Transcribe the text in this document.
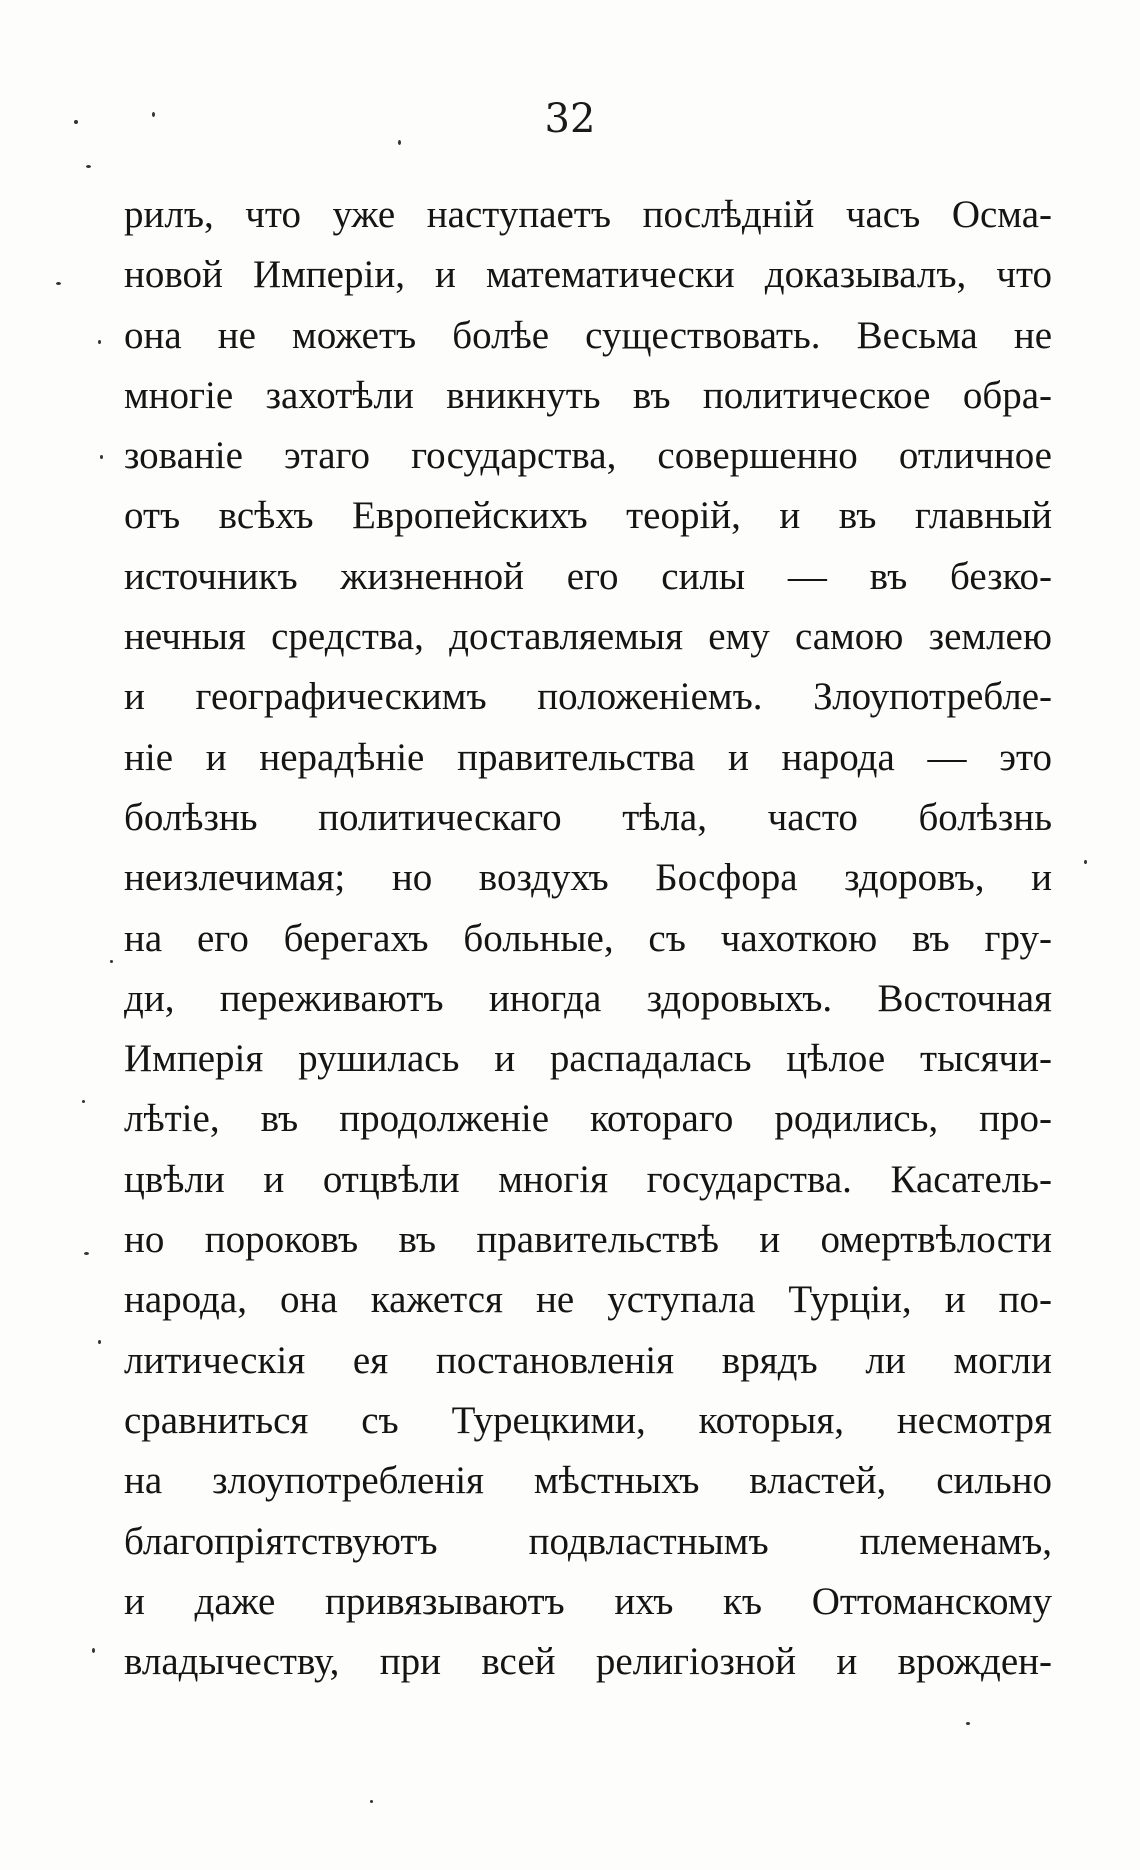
32
рилъ, что уже наступаетъ послѣдній часъ Осма-
новой Имперіи, и математически доказывалъ, что
она не можетъ болѣе существовать. Весьма не
многіе захотѣли вникнуть въ политическое обра-
зованіе этаго государства, совершенно отличное
отъ всѣхъ Европейскихъ теорій, и въ главный
источникъ жизненной его силы — въ безко-
нечныя средства, доставляемыя ему самою землею
и географическимъ положеніемъ. Злоупотребле-
ніе и нерадѣніе правительства и народа — это
болѣзнь политическаго тѣла, часто болѣзнь
неизлечимая; но воздухъ Босфора здоровъ, и
на его берегахъ больные, съ чахоткою въ гру-
ди, переживаютъ иногда здоровыхъ. Восточная
Имперія рушилась и распадалась цѣлое тысячи-
лѣтіе, въ продолженіе котораго родились, про-
цвѣли и отцвѣли многія государства. Касатель-
но пороковъ въ правительствѣ и омертвѣлости
народа, она кажется не уступала Турціи, и по-
литическія ея постановленія врядъ ли могли
сравниться съ Турецкими, которыя, несмотря
на злоупотребленія мѣстныхъ властей, сильно
благопріятствуютъ подвластнымъ племенамъ,
и даже привязываютъ ихъ къ Оттоманскому
владычеству, при всей религіозной и врожден-
